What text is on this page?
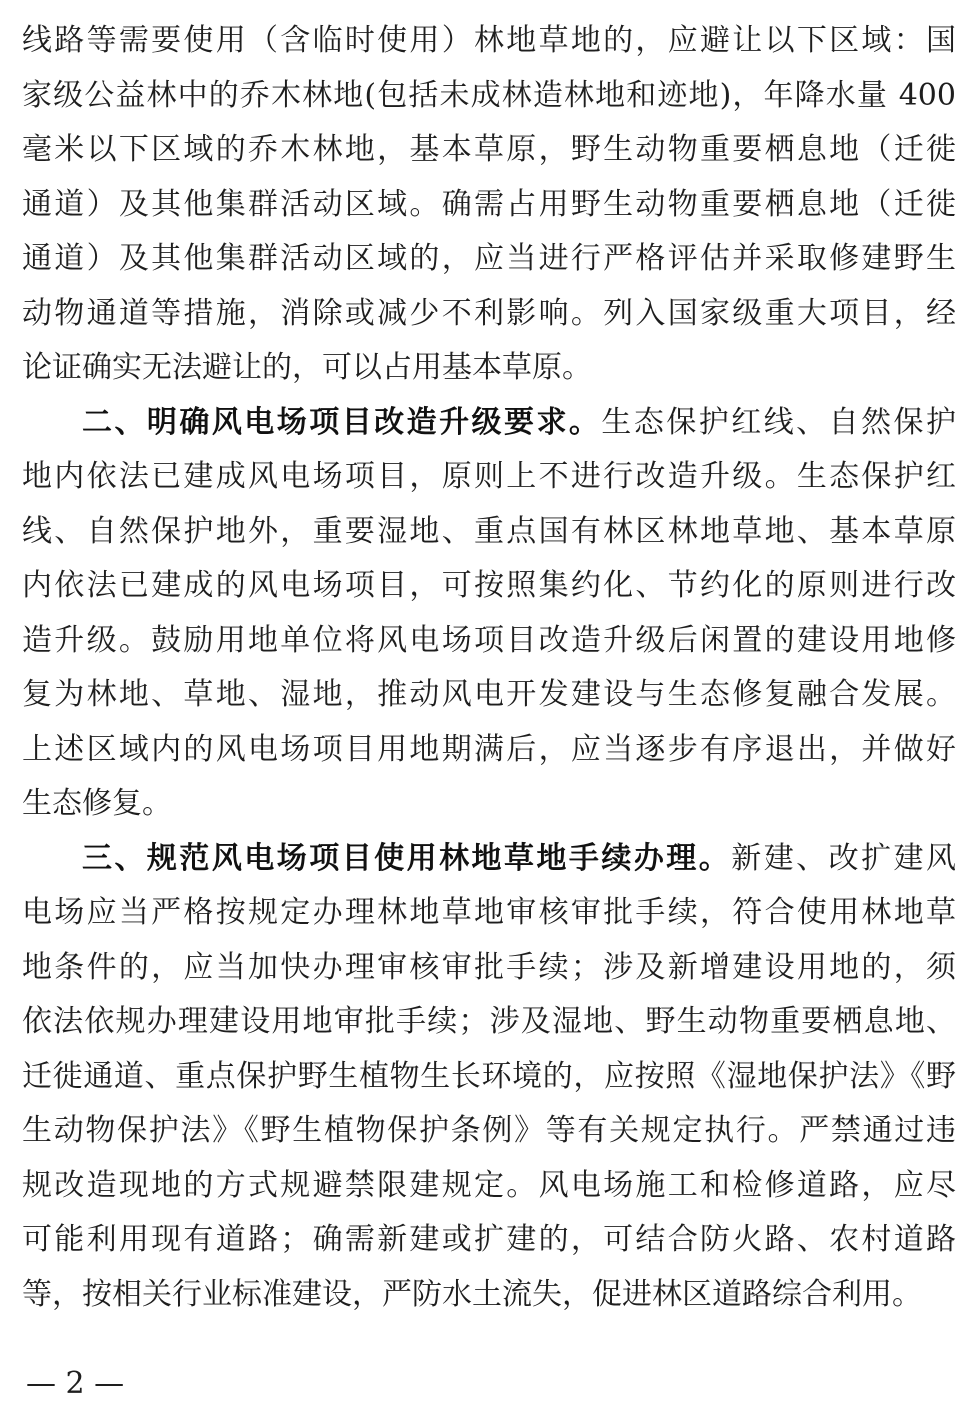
线路等需要使用（含临时使用）林地草地的，应避让以下区域：国
家级公益林中的乔木林地(包括未成林造林地和迹地)，年降水量 400
毫米以下区域的乔木林地，基本草原，野生动物重要栖息地（迁徙
通道）及其他集群活动区域。确需占用野生动物重要栖息地（迁徙
通道）及其他集群活动区域的，应当进行严格评估并采取修建野生
动物通道等措施，消除或减少不利影响。列入国家级重大项目，经
论证确实无法避让的，可以占用基本草原。
二、明确风电场项目改造升级要求。生态保护红线、自然保护
地内依法已建成风电场项目，原则上不进行改造升级。生态保护红
线、自然保护地外，重要湿地、重点国有林区林地草地、基本草原
内依法已建成的风电场项目，可按照集约化、节约化的原则进行改
造升级。鼓励用地单位将风电场项目改造升级后闲置的建设用地修
复为林地、草地、湿地，推动风电开发建设与生态修复融合发展。
上述区域内的风电场项目用地期满后，应当逐步有序退出，并做好
生态修复。
三、规范风电场项目使用林地草地手续办理。新建、改扩建风
电场应当严格按规定办理林地草地审核审批手续，符合使用林地草
地条件的，应当加快办理审核审批手续；涉及新增建设用地的，须
依法依规办理建设用地审批手续；涉及湿地、野生动物重要栖息地、
迁徙通道、重点保护野生植物生长环境的，应按照《湿地保护法》《野
生动物保护法》《野生植物保护条例》等有关规定执行。严禁通过违
规改造现地的方式规避禁限建规定。风电场施工和检修道路，应尽
可能利用现有道路；确需新建或扩建的，可结合防火路、农村道路
等，按相关行业标准建设，严防水土流失，促进林区道路综合利用。
— 2 —
